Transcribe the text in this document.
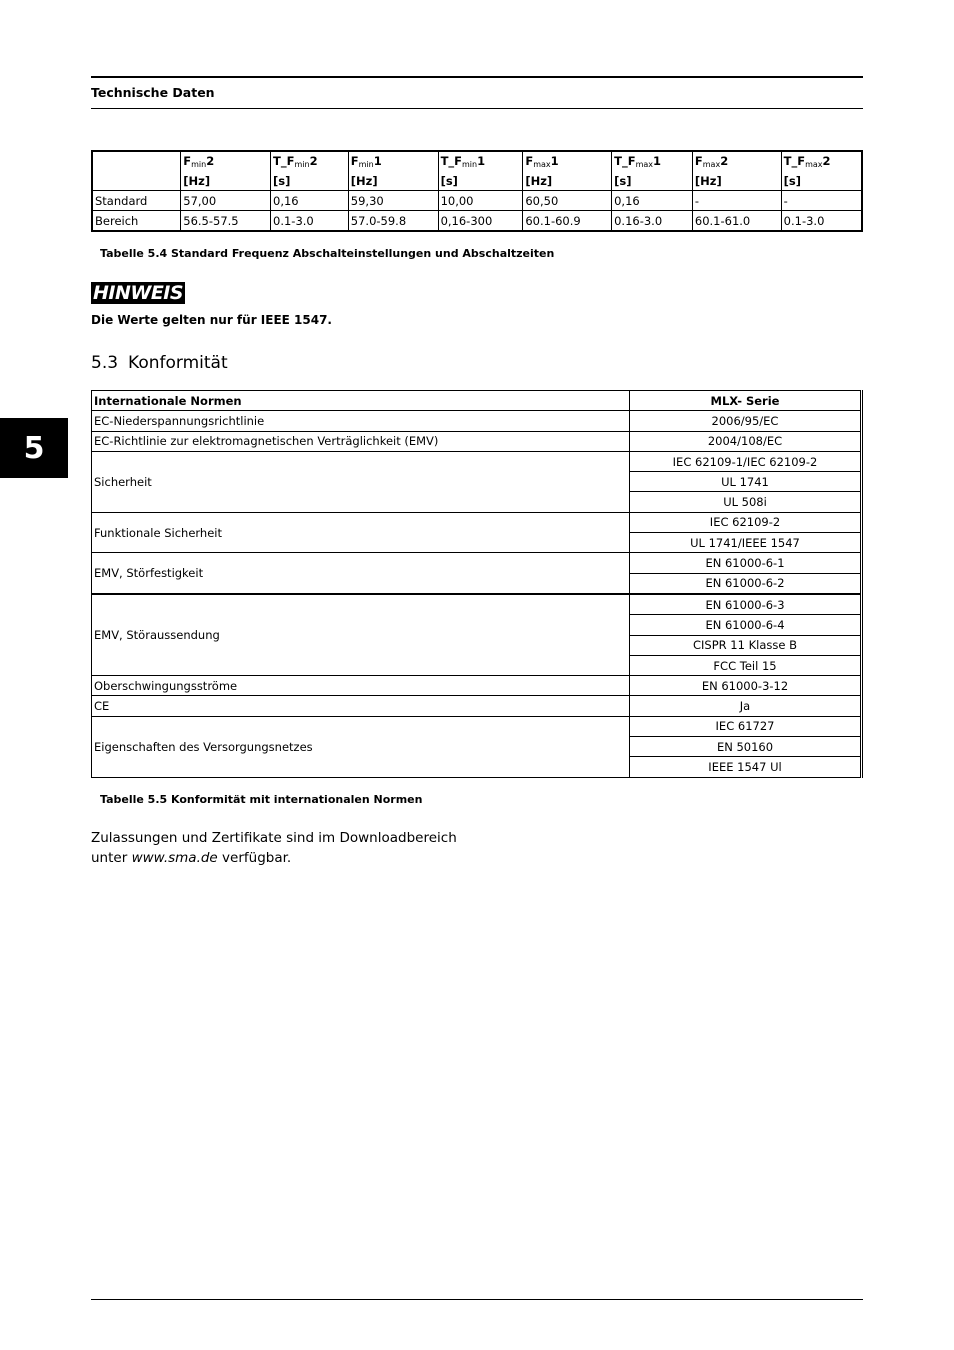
Technische Daten
5
	$F_{min}2$	$T\_F_{min}2$	$F_{min}1$	$T\_F_{min}1$	$F_{max}1$	$T\_F_{max}1$	$F_{max}2$	$T\_F_{max}2$
	[Hz]	[s]	[Hz]	[s]	[Hz]	[s]	[Hz]	[s]
Standard	57,00	0,16	59,30	10,00	60,50	0,16	-	-
Bereich	56.5-57.5	0.1-3.0	57.0-59.8	0,16-300	60.1-60.9	0.16-3.0	60.1-61.0	0.1-3.0
Tabelle 5.4 Standard Frequenz Abschalteinstellungen und Abschaltzeiten
HINWEIS
Die Werte gelten nur für IEEE 1547.
5.3 Konformität
Internationale Normen	MLX- Serie
EC-Niederspannungsrichtlinie	2006/95/EC
EC-Richtlinie zur elektromagnetischen Verträglichkeit (EMV)	2004/108/EC
Sicherheit	IEC 62109-1/IEC 62109-2
	UL 1741
	UL 508i
Funktionale Sicherheit	IEC 62109-2
	UL 1741/IEEE 1547
EMV, Störfestigkeit	EN 61000-6-1
	EN 61000-6-2
EMV, Störaussendung	EN 61000-6-3
	EN 61000-6-4
	CISPR 11 Klasse B
	FCC Teil 15
Oberschwingungsströme	EN 61000-3-12
CE	Ja
Eigenschaften des Versorgungsnetzes	IEC 61727
	EN 50160
	IEEE 1547 Ul
Tabelle 5.5 Konformität mit internationalen Normen
Zulassungen und Zertifikate sind im Downloadbereich
unter www.sma.de verfügbar.
